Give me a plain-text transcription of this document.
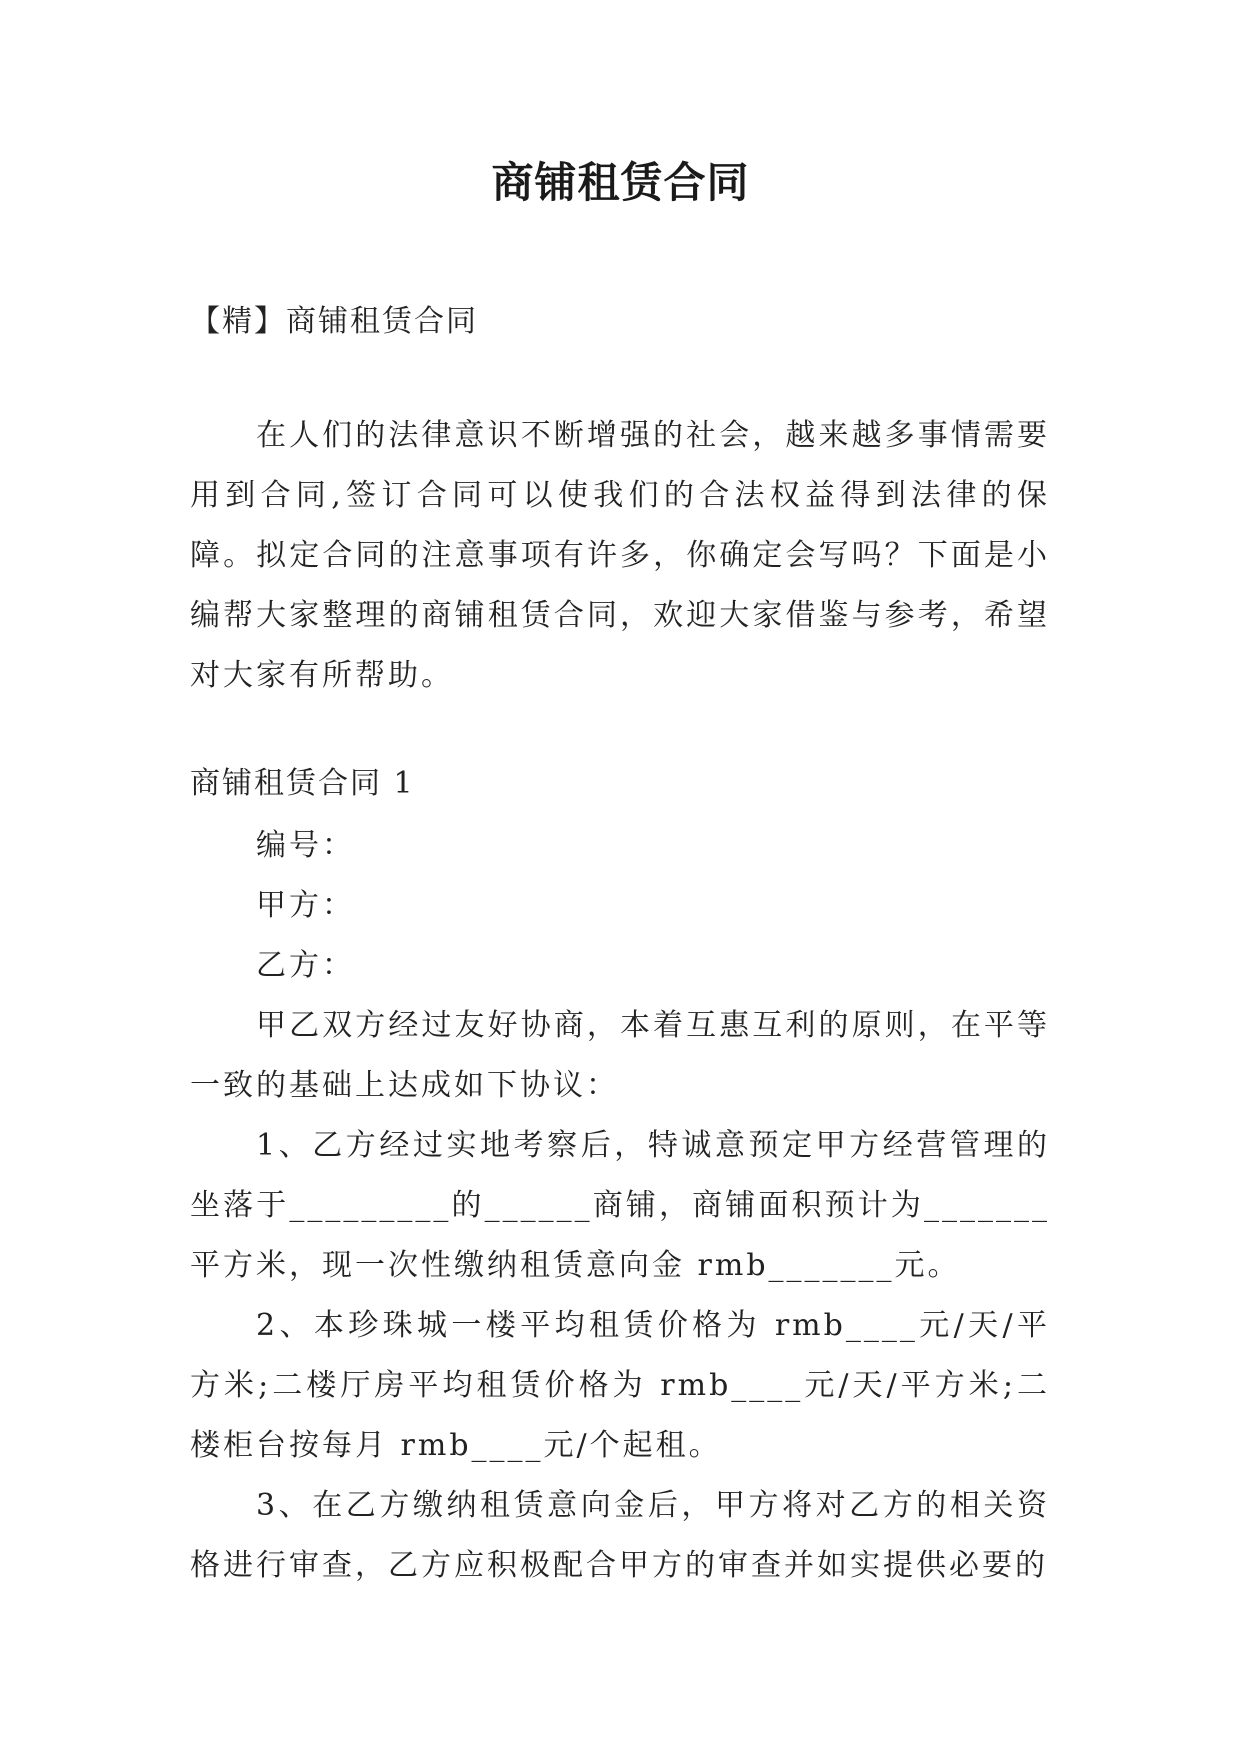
商铺租赁合同
【精】商铺租赁合同

在人们的法律意识不断增强的社会，越来越多事情需要用到合同,签订合同可以使我们的合法权益得到法律的保障。拟定合同的注意事项有许多，你确定会写吗？下面是小编帮大家整理的商铺租赁合同，欢迎大家借鉴与参考，希望对大家有所帮助。

商铺租赁合同 1

编号：

甲方：

乙方：

甲乙双方经过友好协商，本着互惠互利的原则，在平等一致的基础上达成如下协议：

1、乙方经过实地考察后，特诚意预定甲方经营管理的坐落于_________的______商铺，商铺面积预计为_______平方米，现一次性缴纳租赁意向金 rmb_______元。

2、本珍珠城一楼平均租赁价格为 rmb____元/天/平方米;二楼厅房平均租赁价格为 rmb____元/天/平方米;二楼柜台按每月 rmb____元/个起租。

3、在乙方缴纳租赁意向金后，甲方将对乙方的相关资格进行审查，乙方应积极配合甲方的审查并如实提供必要的
